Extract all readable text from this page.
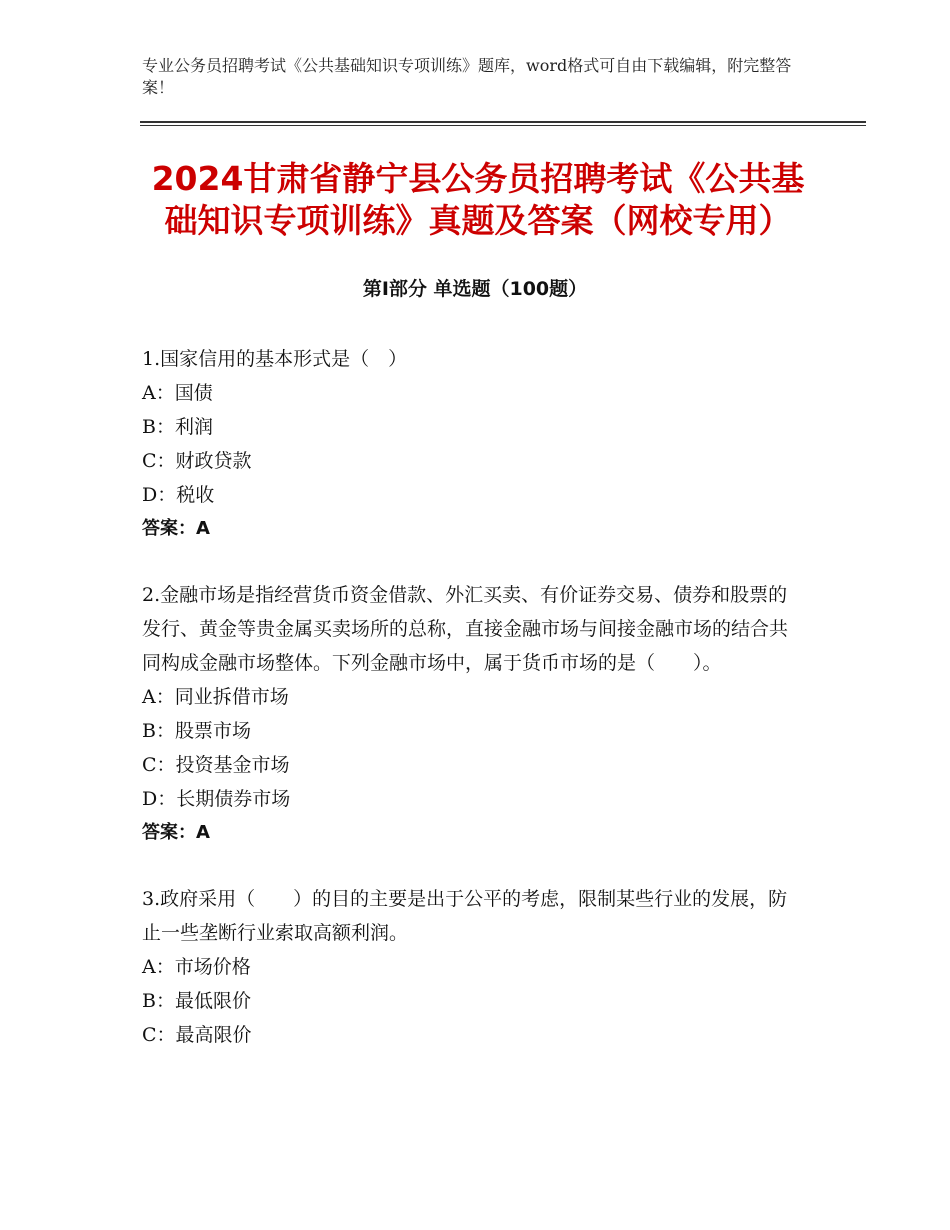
专业公务员招聘考试《公共基础知识专项训练》题库，word格式可自由下载编辑，附完整答案！
2024甘肃省静宁县公务员招聘考试《公共基础知识专项训练》真题及答案（网校专用）
第Ⅰ部分 单选题（100题）

1.国家信用的基本形式是（　）

A：国债

B：利润

C：财政贷款

D：税收

答案：A

2.金融市场是指经营货币资金借款、外汇买卖、有价证券交易、债券和股票的发行、黄金等贵金属买卖场所的总称，直接金融市场与间接金融市场的结合共同构成金融市场整体。下列金融市场中，属于货币市场的是（　　）。

A：同业拆借市场

B：股票市场

C：投资基金市场

D：长期债券市场

答案：A

3.政府采用（　　）的目的主要是出于公平的考虑，限制某些行业的发展，防止一些垄断行业索取高额利润。

A：市场价格

B：最低限价

C：最高限价
